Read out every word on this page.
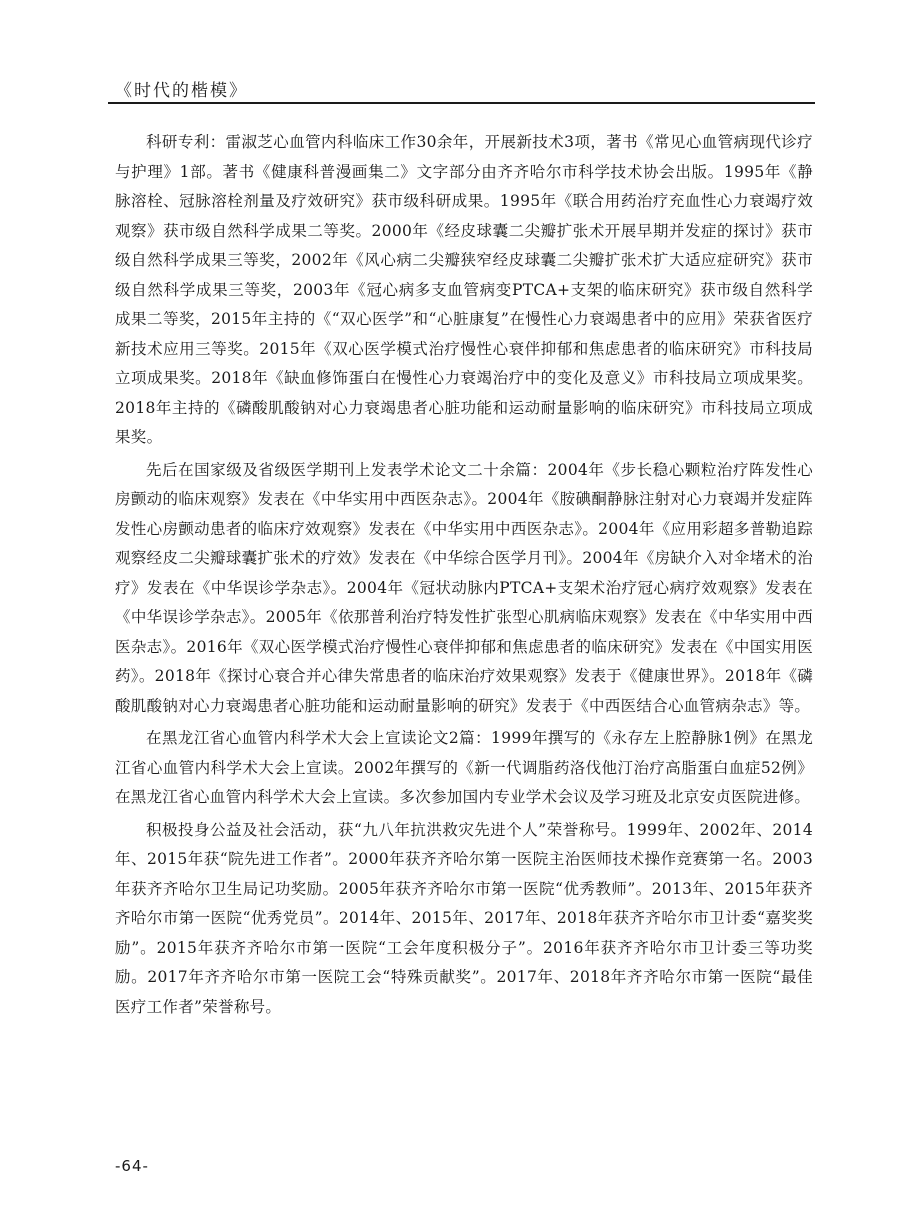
《时代的楷模》

科研专利：雷淑芝心血管内科临床工作30余年，开展新技术3项，著书《常见心血管病现代诊疗与护理》1部。著书《健康科普漫画集二》文字部分由齐齐哈尔市科学技术协会出版。1995年《静脉溶栓、冠脉溶栓剂量及疗效研究》获市级科研成果。1995年《联合用药治疗充血性心力衰竭疗效观察》获市级自然科学成果二等奖。2000年《经皮球囊二尖瓣扩张术开展早期并发症的探讨》获市级自然科学成果三等奖，2002年《风心病二尖瓣狭窄经皮球囊二尖瓣扩张术扩大适应症研究》获市级自然科学成果三等奖，2003年《冠心病多支血管病变PTCA+支架的临床研究》获市级自然科学成果二等奖，2015年主持的《“双心医学”和“心脏康复”在慢性心力衰竭患者中的应用》荣获省医疗新技术应用三等奖。2015年《双心医学模式治疗慢性心衰伴抑郁和焦虑患者的临床研究》市科技局立项成果奖。2018年《缺血修饰蛋白在慢性心力衰竭治疗中的变化及意义》市科技局立项成果奖。2018年主持的《磷酸肌酸钠对心力衰竭患者心脏功能和运动耐量影响的临床研究》市科技局立项成果奖。

先后在国家级及省级医学期刊上发表学术论文二十余篇：2004年《步长稳心颗粒治疗阵发性心房颤动的临床观察》发表在《中华实用中西医杂志》。2004年《胺碘酮静脉注射对心力衰竭并发症阵发性心房颤动患者的临床疗效观察》发表在《中华实用中西医杂志》。2004年《应用彩超多普勒追踪观察经皮二尖瓣球囊扩张术的疗效》发表在《中华综合医学月刊》。2004年《房缺介入对伞堵术的治疗》发表在《中华误诊学杂志》。2004年《冠状动脉内PTCA+支架术治疗冠心病疗效观察》发表在《中华误诊学杂志》。2005年《依那普利治疗特发性扩张型心肌病临床观察》发表在《中华实用中西医杂志》。2016年《双心医学模式治疗慢性心衰伴抑郁和焦虑患者的临床研究》发表在《中国实用医药》。2018年《探讨心衰合并心律失常患者的临床治疗效果观察》发表于《健康世界》。2018年《磷酸肌酸钠对心力衰竭患者心脏功能和运动耐量影响的研究》发表于《中西医结合心血管病杂志》等。

在黑龙江省心血管内科学术大会上宣读论文2篇：1999年撰写的《永存左上腔静脉1例》在黑龙江省心血管内科学术大会上宣读。2002年撰写的《新一代调脂药洛伐他汀治疗高脂蛋白血症52例》在黑龙江省心血管内科学术大会上宣读。多次参加国内专业学术会议及学习班及北京安贞医院进修。

积极投身公益及社会活动，获“九八年抗洪救灾先进个人”荣誉称号。1999年、2002年、2014年、2015年获“院先进工作者”。2000年获齐齐哈尔第一医院主治医师技术操作竞赛第一名。2003年获齐齐哈尔卫生局记功奖励。2005年获齐齐哈尔市第一医院“优秀教师”。2013年、2015年获齐齐哈尔市第一医院“优秀党员”。2014年、2015年、2017年、2018年获齐齐哈尔市卫计委“嘉奖奖励”。2015年获齐齐哈尔市第一医院“工会年度积极分子”。2016年获齐齐哈尔市卫计委三等功奖励。2017年齐齐哈尔市第一医院工会“特殊贡献奖”。2017年、2018年齐齐哈尔市第一医院“最佳医疗工作者”荣誉称号。

-64-
